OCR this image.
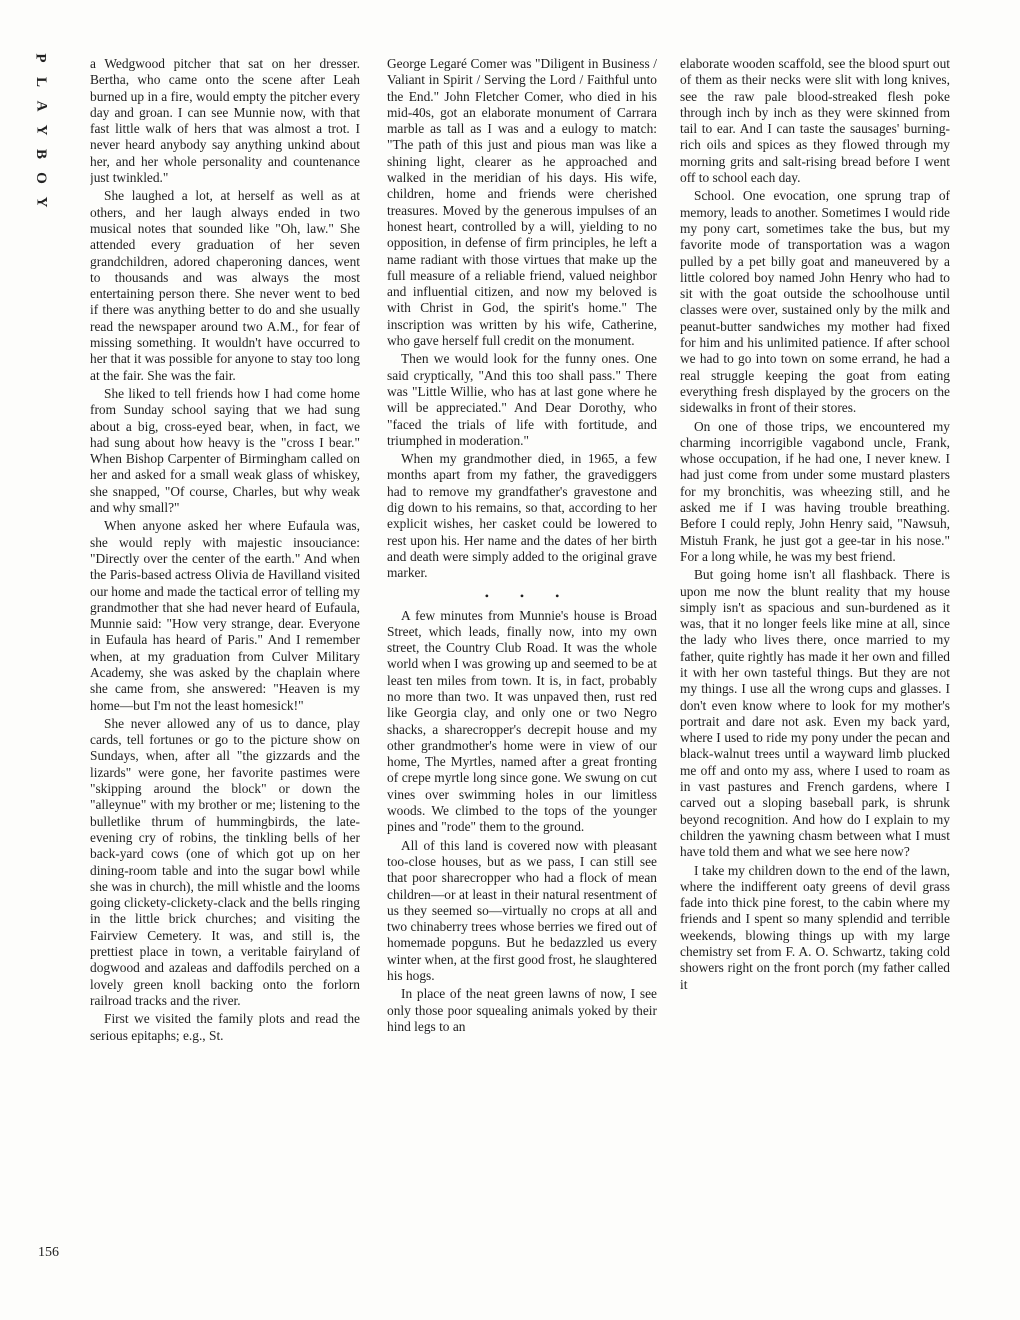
P
L
A
Y
B
O
Y
156

a Wedgwood pitcher that sat on her dresser. Bertha, who came onto the scene after Leah burned up in a fire, would empty the pitcher every day and groan. I can see Munnie now, with that fast little walk of hers that was almost a trot. I never heard anybody say anything unkind about her, and her whole personality and countenance just twinkled."

She laughed a lot, at herself as well as at others, and her laugh always ended in two musical notes that sounded like "Oh, law." She attended every graduation of her seven grandchildren, adored chaperoning dances, went to thousands and was always the most entertaining person there. She never went to bed if there was anything better to do and she usually read the newspaper around two A.M., for fear of missing something. It wouldn't have occurred to her that it was possible for anyone to stay too long at the fair. She was the fair.

She liked to tell friends how I had come home from Sunday school saying that we had sung about a big, cross-eyed bear, when, in fact, we had sung about how heavy is the "cross I bear." When Bishop Carpenter of Birmingham called on her and asked for a small weak glass of whiskey, she snapped, "Of course, Charles, but why weak and why small?"

When anyone asked her where Eufaula was, she would reply with majestic insouciance: "Directly over the center of the earth." And when the Paris-based actress Olivia de Havilland visited our home and made the tactical error of telling my grandmother that she had never heard of Eufaula, Munnie said: "How very strange, dear. Everyone in Eufaula has heard of Paris." And I remember when, at my graduation from Culver Military Academy, she was asked by the chaplain where she came from, she answered: "Heaven is my home—but I'm not the least homesick!"

She never allowed any of us to dance, play cards, tell fortunes or go to the picture show on Sundays, when, after all "the gizzards and the lizards" were gone, her favorite pastimes were "skipping around the block" or down the "alleynue" with my brother or me; listening to the bulletlike thrum of hummingbirds, the late-evening cry of robins, the tinkling bells of her back-yard cows (one of which got up on her dining-room table and into the sugar bowl while she was in church), the mill whistle and the looms going clickety-clickety-clack and the bells ringing in the little brick churches; and visiting the Fairview Cemetery. It was, and still is, the prettiest place in town, a veritable fairyland of dogwood and azaleas and daffodils perched on a lovely green knoll backing onto the forlorn railroad tracks and the river.

First we visited the family plots and read the serious epitaphs; e.g., St.

George Legaré Comer was "Diligent in Business / Valiant in Spirit / Serving the Lord / Faithful unto the End." John Fletcher Comer, who died in his mid-40s, got an elaborate monument of Carrara marble as tall as I was and a eulogy to match: "The path of this just and pious man was like a shining light, clearer as he approached and walked in the meridian of his days. His wife, children, home and friends were cherished treasures. Moved by the generous impulses of an honest heart, controlled by a will, yielding to no opposition, in defense of firm principles, he left a name radiant with those virtues that make up the full measure of a reliable friend, valued neighbor and influential citizen, and now my beloved is with Christ in God, the spirit's home." The inscription was written by his wife, Catherine, who gave herself full credit on the monument.

Then we would look for the funny ones. One said cryptically, "And this too shall pass." There was "Little Willie, who has at last gone where he will be appreciated." And Dear Dorothy, who "faced the trials of life with fortitude, and triumphed in moderation."

When my grandmother died, in 1965, a few months apart from my father, the gravediggers had to remove my grandfather's gravestone and dig down to his remains, so that, according to her explicit wishes, her casket could be lowered to rest upon his. Her name and the dates of her birth and death were simply added to the original grave marker.

• • •

A few minutes from Munnie's house is Broad Street, which leads, finally now, into my own street, the Country Club Road. It was the whole world when I was growing up and seemed to be at least ten miles from town. It is, in fact, probably no more than two. It was unpaved then, rust red like Georgia clay, and only one or two Negro shacks, a sharecropper's decrepit house and my other grandmother's home were in view of our home, The Myrtles, named after a great fronting of crepe myrtle long since gone. We swung on cut vines over swimming holes in our limitless woods. We climbed to the tops of the younger pines and "rode" them to the ground.

All of this land is covered now with pleasant too-close houses, but as we pass, I can still see that poor sharecropper who had a flock of mean children—or at least in their natural resentment of us they seemed so—virtually no crops at all and two chinaberry trees whose berries we fired out of homemade popguns. But he bedazzled us every winter when, at the first good frost, he slaughtered his hogs.

In place of the neat green lawns of now, I see only those poor squealing animals yoked by their hind legs to an

elaborate wooden scaffold, see the blood spurt out of them as their necks were slit with long knives, see the raw pale blood-streaked flesh poke through inch by inch as they were skinned from tail to ear. And I can taste the sausages' burning-rich oils and spices as they flowed through my morning grits and salt-rising bread before I went off to school each day.

School. One evocation, one sprung trap of memory, leads to another. Sometimes I would ride my pony cart, sometimes take the bus, but my favorite mode of transportation was a wagon pulled by a pet billy goat and maneuvered by a little colored boy named John Henry who had to sit with the goat outside the schoolhouse until classes were over, sustained only by the milk and peanut-butter sandwiches my mother had fixed for him and his unlimited patience. If after school we had to go into town on some errand, he had a real struggle keeping the goat from eating everything fresh displayed by the grocers on the sidewalks in front of their stores.

On one of those trips, we encountered my charming incorrigible vagabond uncle, Frank, whose occupation, if he had one, I never knew. I had just come from under some mustard plasters for my bronchitis, was wheezing still, and he asked me if I was having trouble breathing. Before I could reply, John Henry said, "Nawsuh, Mistuh Frank, he just got a gee-tar in his nose." For a long while, he was my best friend.

But going home isn't all flashback. There is upon me now the blunt reality that my house simply isn't as spacious and sun-burdened as it was, that it no longer feels like mine at all, since the lady who lives there, once married to my father, quite rightly has made it her own and filled it with her own tasteful things. But they are not my things. I use all the wrong cups and glasses. I don't even know where to look for my mother's portrait and dare not ask. Even my back yard, where I used to ride my pony under the pecan and black-walnut trees until a wayward limb plucked me off and onto my ass, where I used to roam as in vast pastures and French gardens, where I carved out a sloping baseball park, is shrunk beyond recognition. And how do I explain to my children the yawning chasm between what I must have told them and what we see here now?

I take my children down to the end of the lawn, where the indifferent oaty greens of devil grass fade into thick pine forest, to the cabin where my friends and I spent so many splendid and terrible weekends, blowing things up with my large chemistry set from F. A. O. Schwartz, taking cold showers right on the front porch (my father called it
